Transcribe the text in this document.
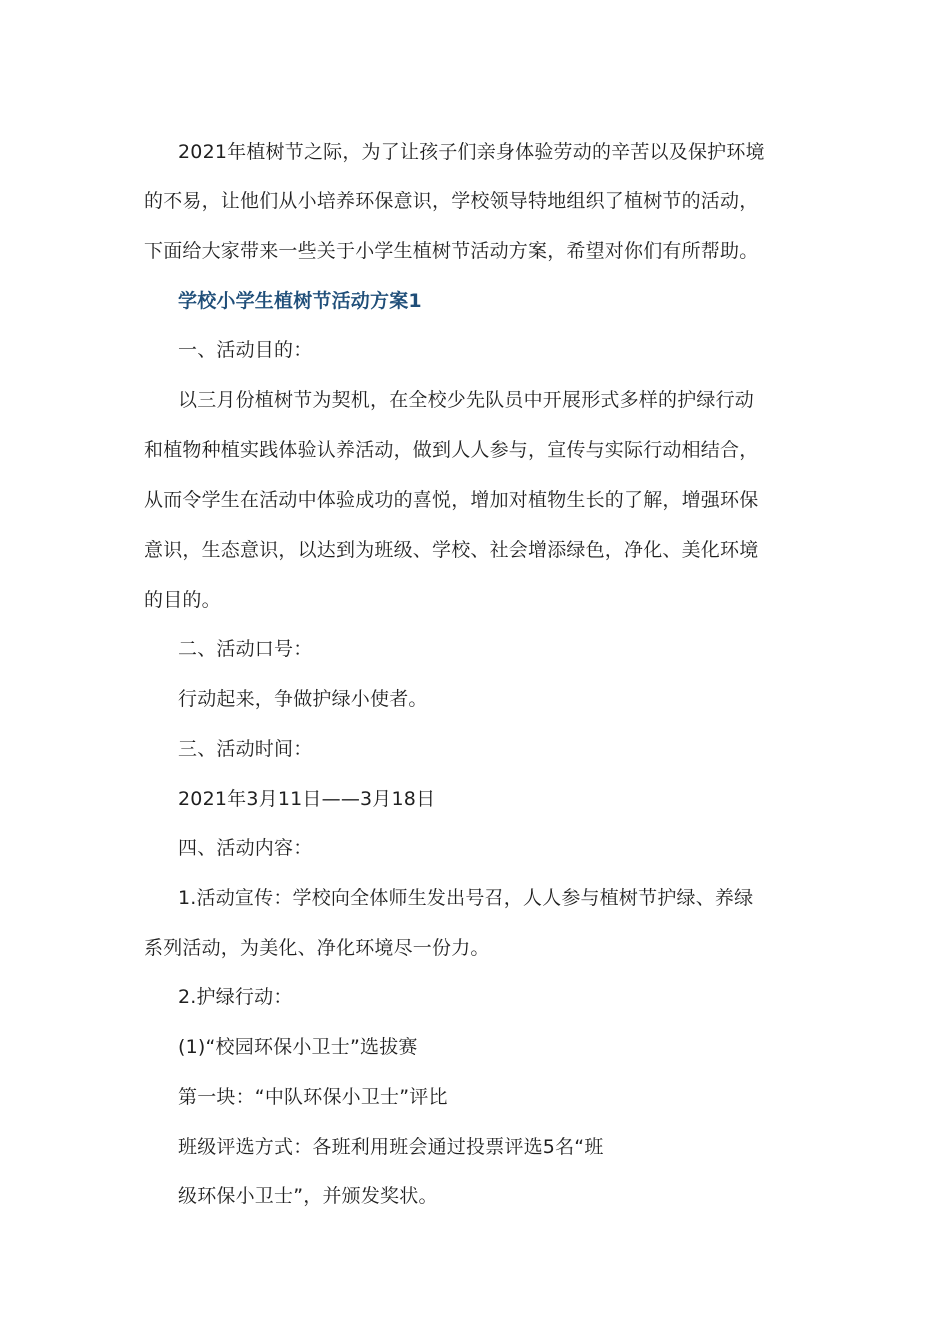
2021年植树节之际，为了让孩子们亲身体验劳动的辛苦以及保护环境
的不易，让他们从小培养环保意识，学校领导特地组织了植树节的活动，
下面给大家带来一些关于小学生植树节活动方案，希望对你们有所帮助。
学校小学生植树节活动方案1
一、活动目的：
以三月份植树节为契机，在全校少先队员中开展形式多样的护绿行动
和植物种植实践体验认养活动，做到人人参与，宣传与实际行动相结合，
从而令学生在活动中体验成功的喜悦，增加对植物生长的了解，增强环保
意识，生态意识，以达到为班级、学校、社会增添绿色，净化、美化环境
的目的。
二、活动口号：
行动起来，争做护绿小使者。
三、活动时间：
2021年3月11日——3月18日
四、活动内容：
1.活动宣传：学校向全体师生发出号召，人人参与植树节护绿、养绿
系列活动，为美化、净化环境尽一份力。
2.护绿行动：
(1)“校园环保小卫士”选拔赛
第一块：“中队环保小卫士”评比
班级评选方式：各班利用班会通过投票评选5名“班
级环保小卫士”，并颁发奖状。
